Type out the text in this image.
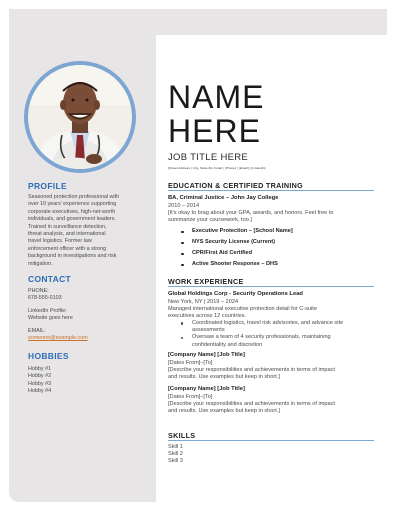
PROFILE
Seasoned protection professional with
over 10 years' experience supporting
corporate executives, high-net-worth
individuals, and government leaders.
Trained in surveillance detection,
threat analysis, and international
travel logistics. Former law
enforcement officer with a strong
background in investigations and risk
mitigation.
CONTACT
PHONE:
678-555-0103
LinkedIn Profile:
Website goes here
EMAIL:
someone@example.com
HOBBIES
Hobby #1
Hobby #2
Hobby #3
Hobby #4
NAME
HERE
JOB TITLE HERE
[Street Address | City, State Zip Code] | [Phone] | [Email] | [LinkedIn]
EDUCATION & CERTIFIED TRAINING
BA, Criminal Justice – John Jay College
2010 – 2014
[It's okay to brag about your GPA, awards, and honors. Feel free to
summarize your coursework, too.]
Executive Protection – [School Name]
NYS Security License (Current)
CPR/First Aid Certified
Active Shooter Response – DHS
WORK EXPERIENCE
Global Holdings Corp - Security Operations Lead
New York, NY | 2019 – 2024
Managed international executive protection detail for C-suite
executives across 12 countries.
Coordinated logistics, travel risk advisories, and advance site
assessments
Oversaw a team of 4 security professionals, maintaining
confidentiality and discretion
[Company Name] [Job Title]
[Dates From]–[To]
[Describe your responsibilities and achievements in terms of impact
and results. Use examples but keep in short.]
[Company Name] [Job Title]
[Dates From]–[To]
[Describe your responsibilities and achievements in terms of impact
and results. Use examples but keep in short.]
SKILLS
Skill 1
Skill 2
Skill 3
